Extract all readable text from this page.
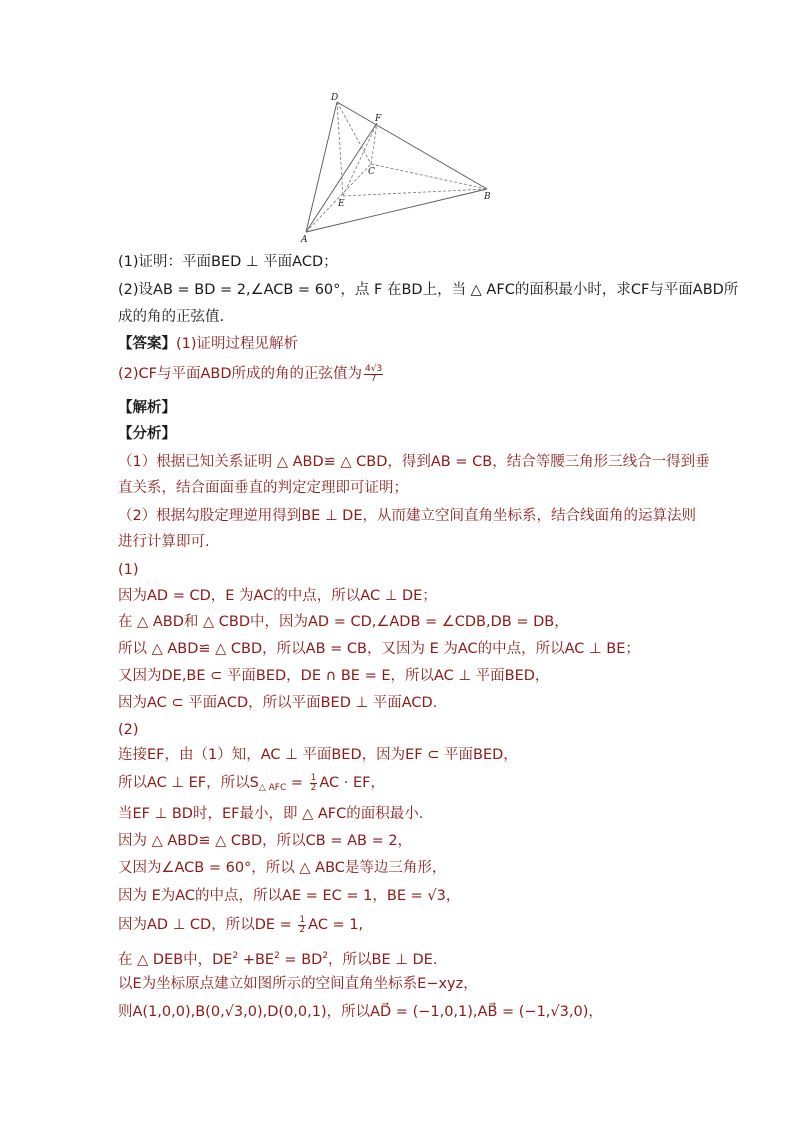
D
F
C
E
B
A
(1)证明：平面BED ⊥ 平面ACD；
(2)设AB = BD = 2,∠ACB = 60°，点 F 在BD上，当 △ AFC的面积最小时，求CF与平面ABD所
成的角的正弦值.
【答案】(1)证明过程见解析
(2)CF与平面ABD所成的角的正弦值为 $\frac{4√3}{7}$
【解析】
【分析】
（1）根据已知关系证明 △ ABD≌ △ CBD，得到AB = CB，结合等腰三角形三线合一得到垂
直关系，结合面面垂直的判定定理即可证明；
（2）根据勾股定理逆用得到BE ⊥ DE，从而建立空间直角坐标系，结合线面角的运算法则
进行计算即可.
(1)
因为AD = CD，E 为AC的中点，所以AC ⊥ DE；
在 △ ABD和 △ CBD中，因为AD = CD,∠ADB = ∠CDB,DB = DB，
所以 △ ABD≌ △ CBD，所以AB = CB，又因为 E 为AC的中点，所以AC ⊥ BE；
又因为DE,BE ⊂ 平面BED，DE ∩ BE = E，所以AC ⊥ 平面BED，
因为AC ⊂ 平面ACD，所以平面BED ⊥ 平面ACD.
(2)
连接EF，由（1）知，AC ⊥ 平面BED，因为EF ⊂ 平面BED，
所以AC ⊥ EF，所以$S_{\triangle AFC} = \frac{1}{2}$ AC · EF，
当EF ⊥ BD时，EF最小，即 △ AFC的面积最小.
因为 △ ABD≌ △ CBD，所以CB = AB = 2，
又因为∠ACB = 60°，所以 △ ABC是等边三角形，
因为 E为AC的中点，所以AE = EC = 1，BE = √3，
因为AD ⊥ CD，所以DE = $\frac{1}{2}$ AC = 1,
在 △ DEB中，$DE^2 +BE^2 = BD^2$，所以BE ⊥ DE.
以E为坐标原点建立如图所示的空间直角坐标系E−xyz，
则A(1,0,0),B(0,√3,0),D(0,0,1)，所以AD⃗ = (−1,0,1),AB⃗ = (−1,√3,0)，
